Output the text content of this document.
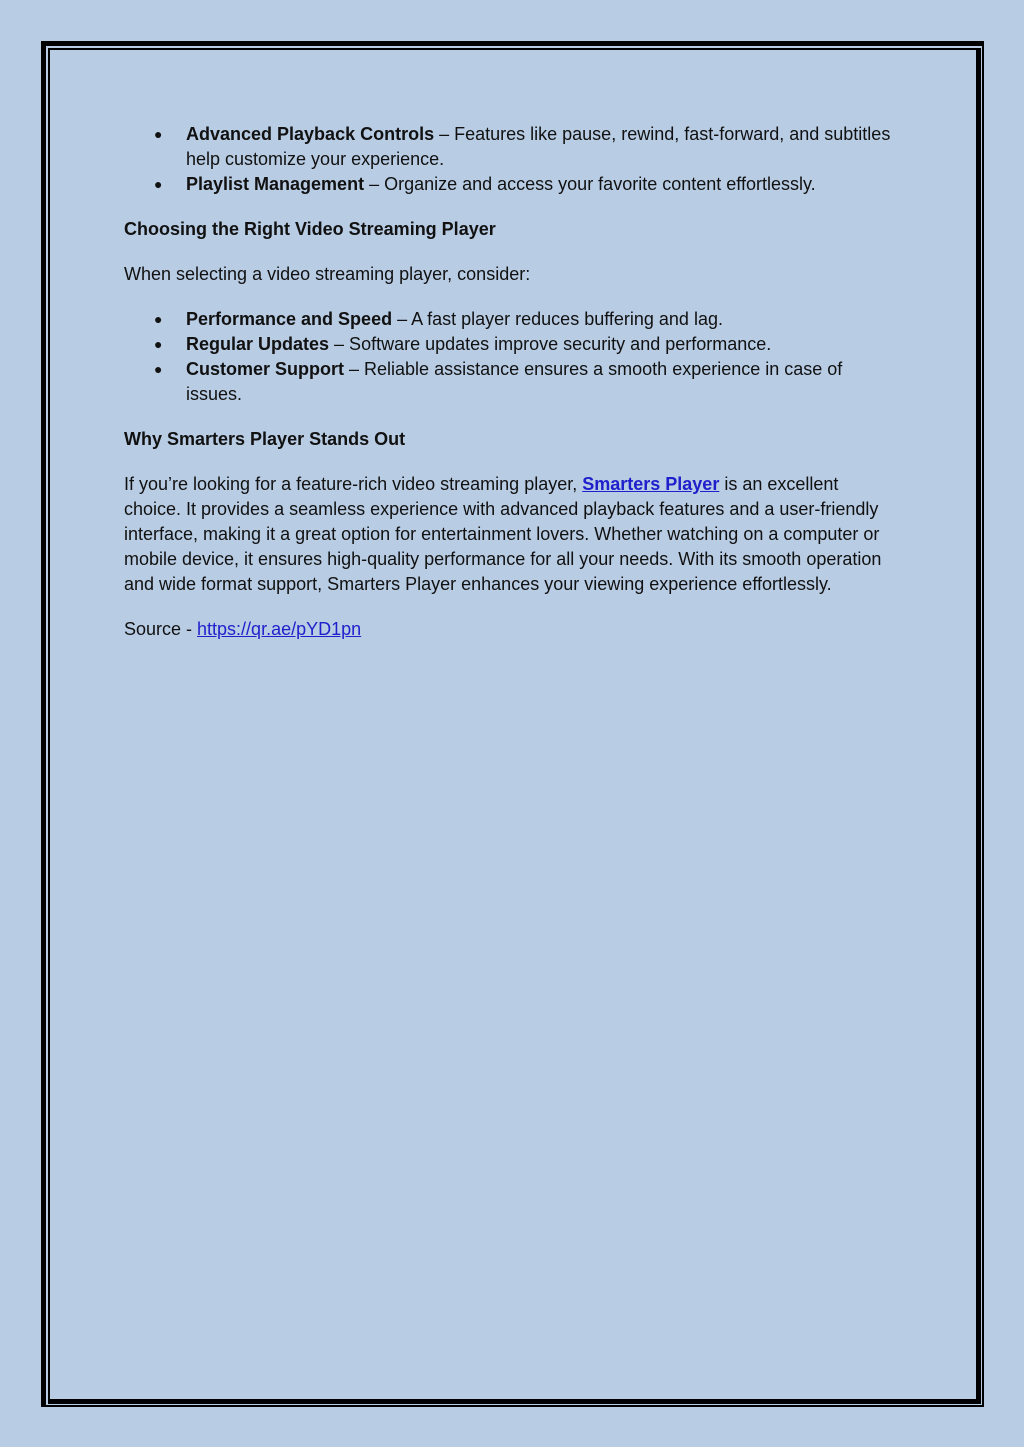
● Advanced Playback Controls – Features like pause, rewind, fast-forward, and subtitles help customize your experience.
● Playlist Management – Organize and access your favorite content effortlessly.

Choosing the Right Video Streaming Player

When selecting a video streaming player, consider:

● Performance and Speed – A fast player reduces buffering and lag.
● Regular Updates – Software updates improve security and performance.
● Customer Support – Reliable assistance ensures a smooth experience in case of issues.

Why Smarters Player Stands Out

If you’re looking for a feature-rich video streaming player, Smarters Player is an excellent choice. It provides a seamless experience with advanced playback features and a user-friendly interface, making it a great option for entertainment lovers. Whether watching on a computer or mobile device, it ensures high-quality performance for all your needs. With its smooth operation and wide format support, Smarters Player enhances your viewing experience effortlessly.

Source - https://qr.ae/pYD1pn
